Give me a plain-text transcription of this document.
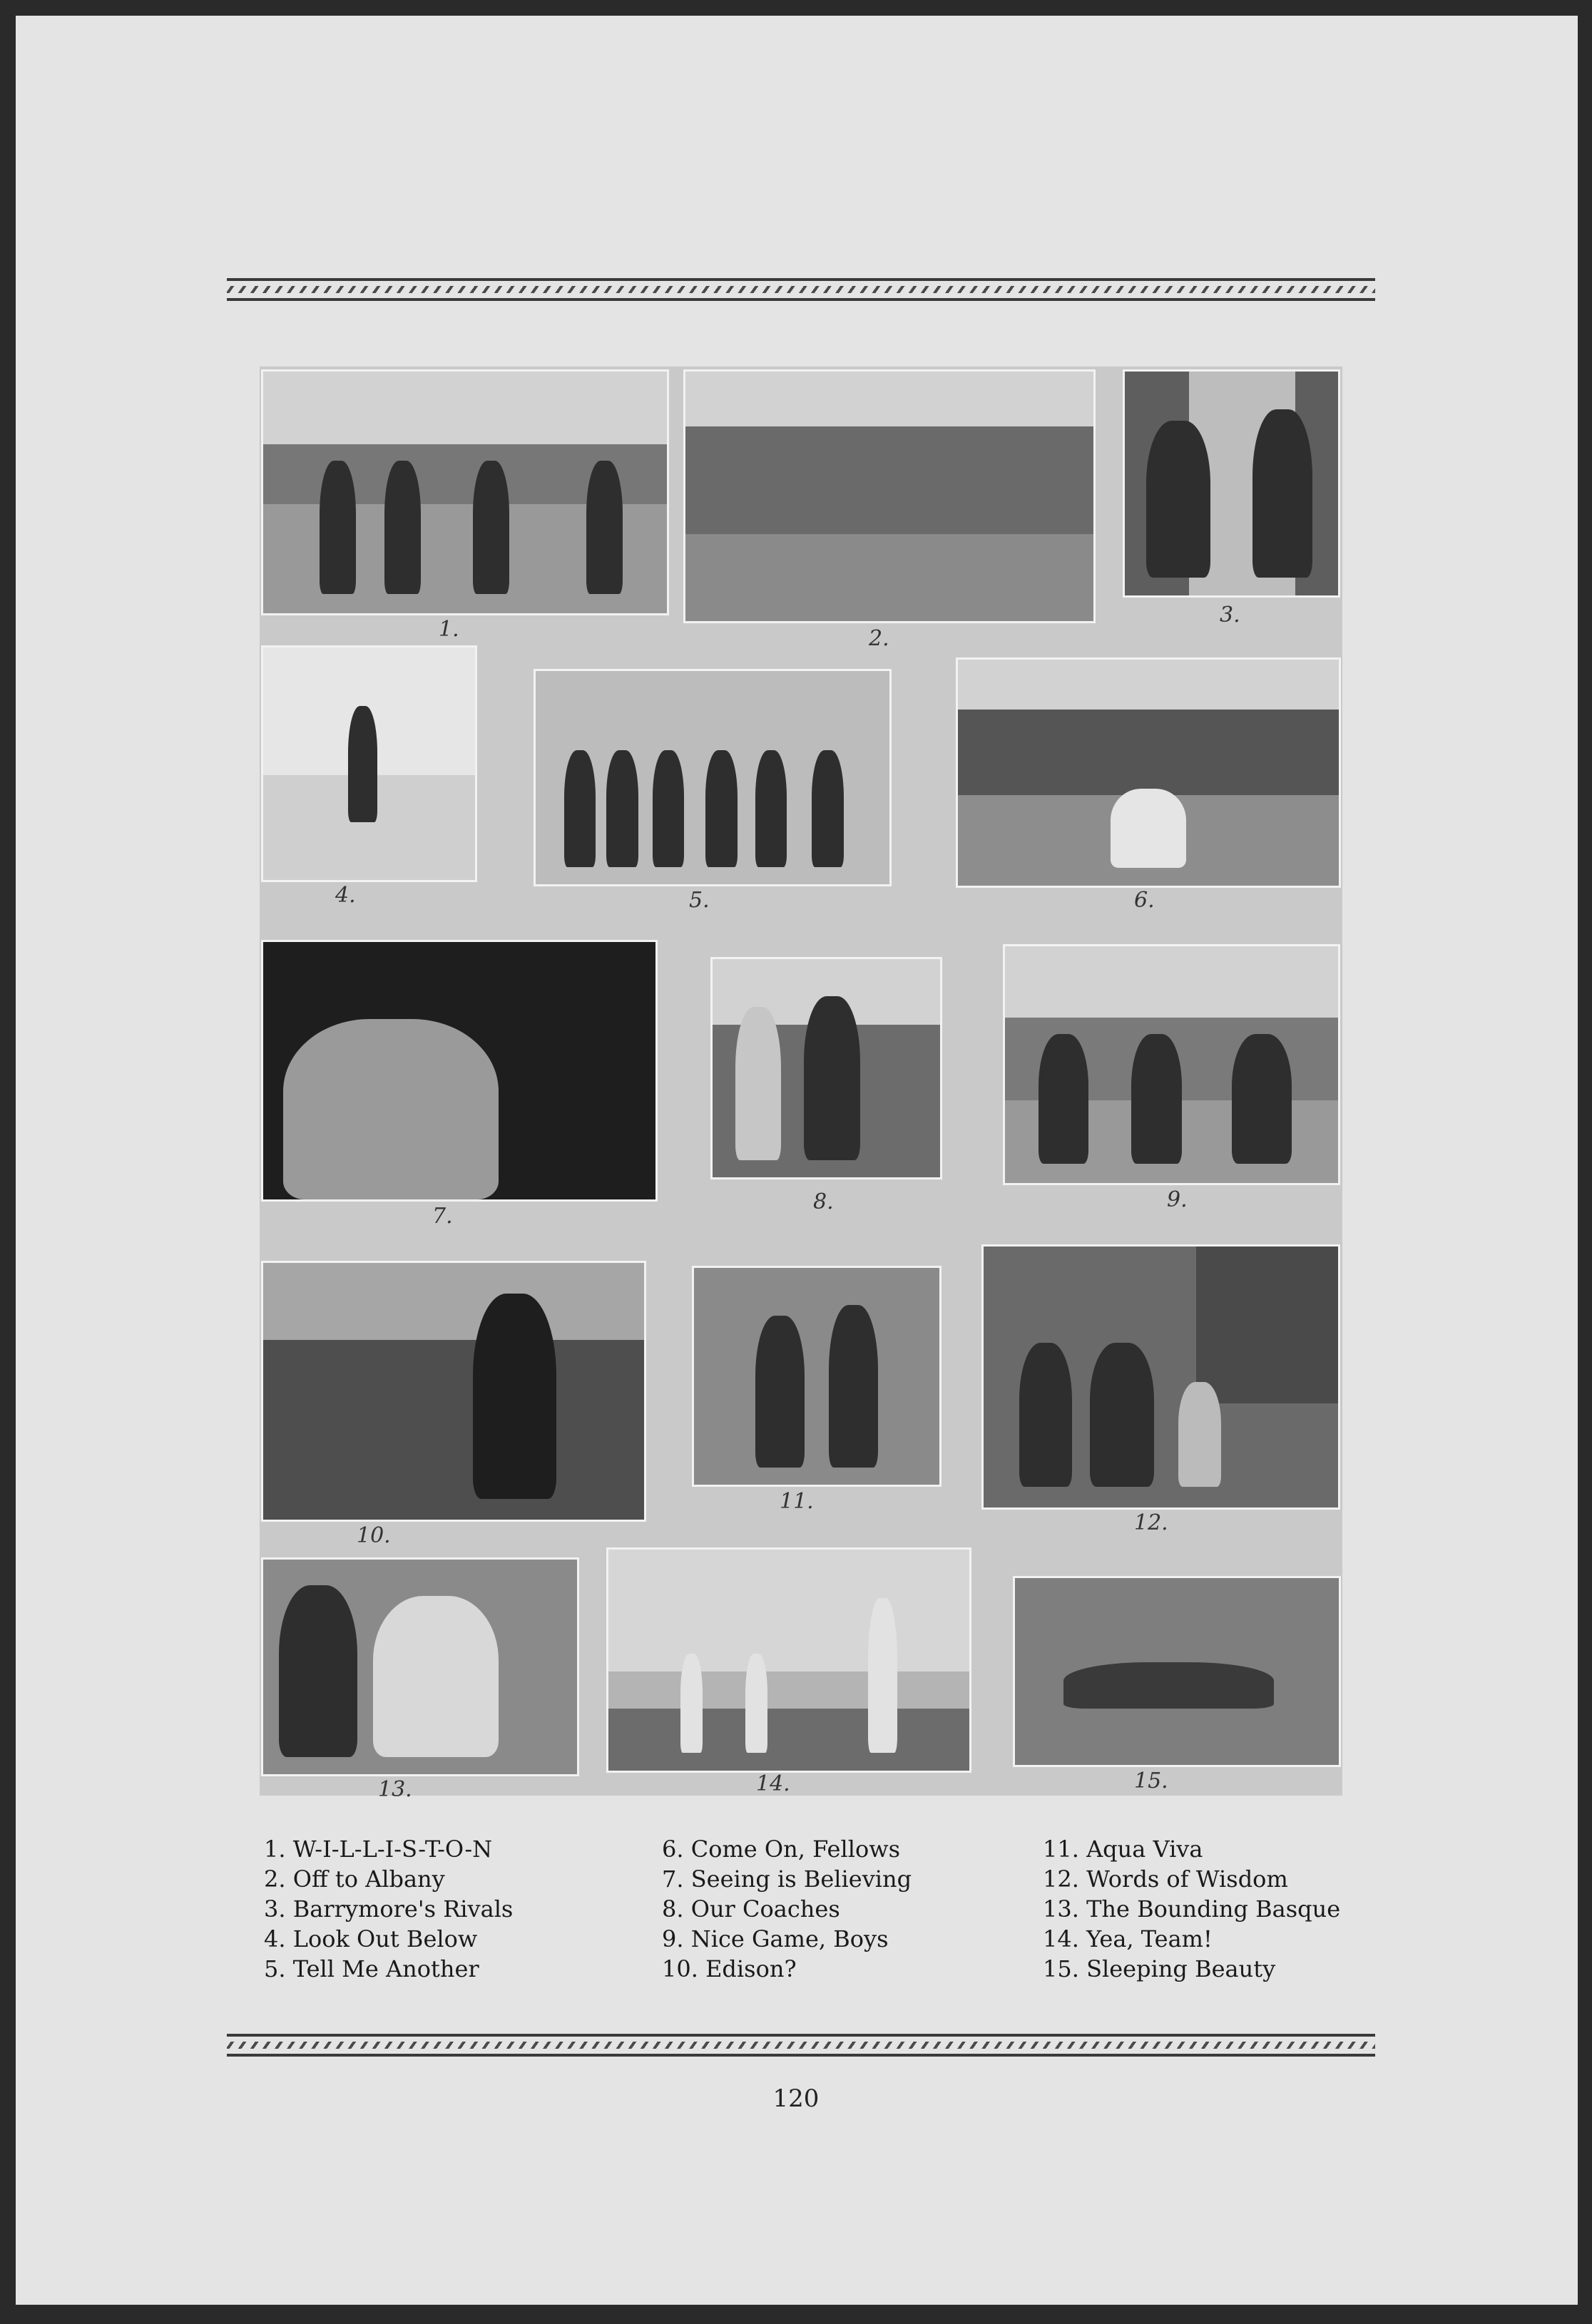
1.	2.
3.
4.	5.	6.
7.
8.	9.
10.
11.
12.
13.	14.	15.
1. W-I-L-L-I-S-T-O-N
2. Off to Albany
3. Barrymore's Rivals
4. Look Out Below
5. Tell Me Another
6. Come On, Fellows
7. Seeing is Believing
8. Our Coaches
9. Nice Game, Boys
10. Edison?
11. Aqua Viva
12. Words of Wisdom
13. The Bounding Basque
14. Yea, Team!
15. Sleeping Beauty
120
